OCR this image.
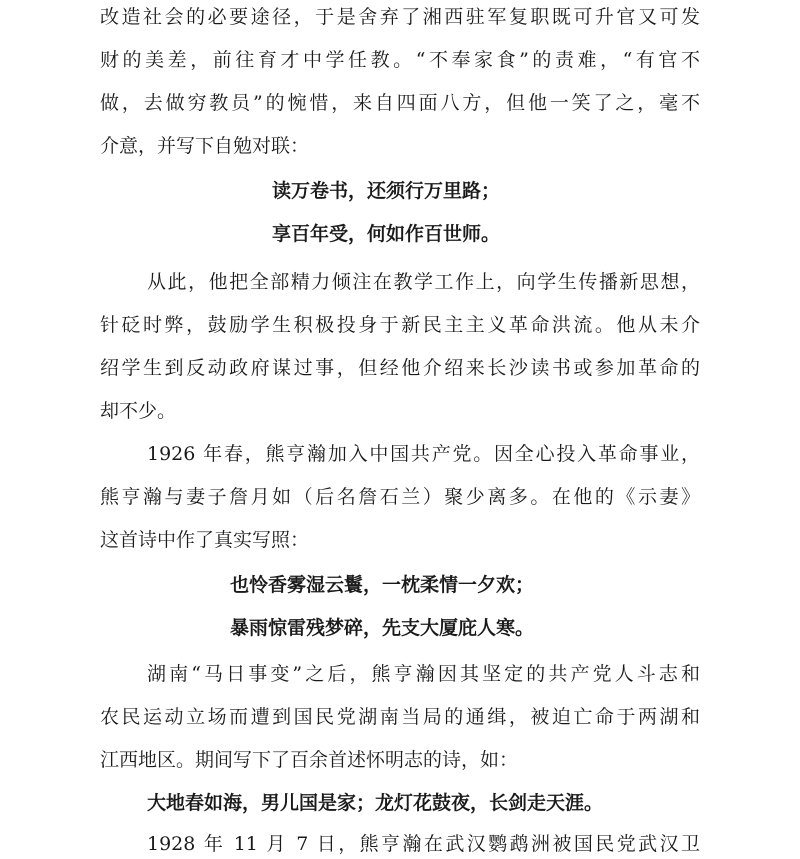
改造社会的必要途径，于是舍弃了湘西驻军复职既可升官又可发
财的美差，前往育才中学任教。“不奉家食”的责难，“有官不
做，去做穷教员”的惋惜，来自四面八方，但他一笑了之，毫不
介意，并写下自勉对联：
读万卷书，还须行万里路；
享百年受，何如作百世师。
从此，他把全部精力倾注在教学工作上，向学生传播新思想，
针砭时弊，鼓励学生积极投身于新民主主义革命洪流。他从未介
绍学生到反动政府谋过事，但经他介绍来长沙读书或参加革命的
却不少。
1926 年春，熊亨瀚加入中国共产党。因全心投入革命事业，
熊亨瀚与妻子詹月如（后名詹石兰）聚少离多。在他的《示妻》
这首诗中作了真实写照：
也怜香雾湿云鬟，一枕柔情一夕欢；
暴雨惊雷残梦碎，先支大厦庇人寒。
湖南“马日事变”之后，熊亨瀚因其坚定的共产党人斗志和
农民运动立场而遭到国民党湖南当局的通缉，被迫亡命于两湖和
江西地区。期间写下了百余首述怀明志的诗，如：
大地春如海，男儿国是家；龙灯花鼓夜，长剑走天涯。
1928 年 11 月 7 日，熊亨瀚在武汉鹦鹉洲被国民党武汉卫
